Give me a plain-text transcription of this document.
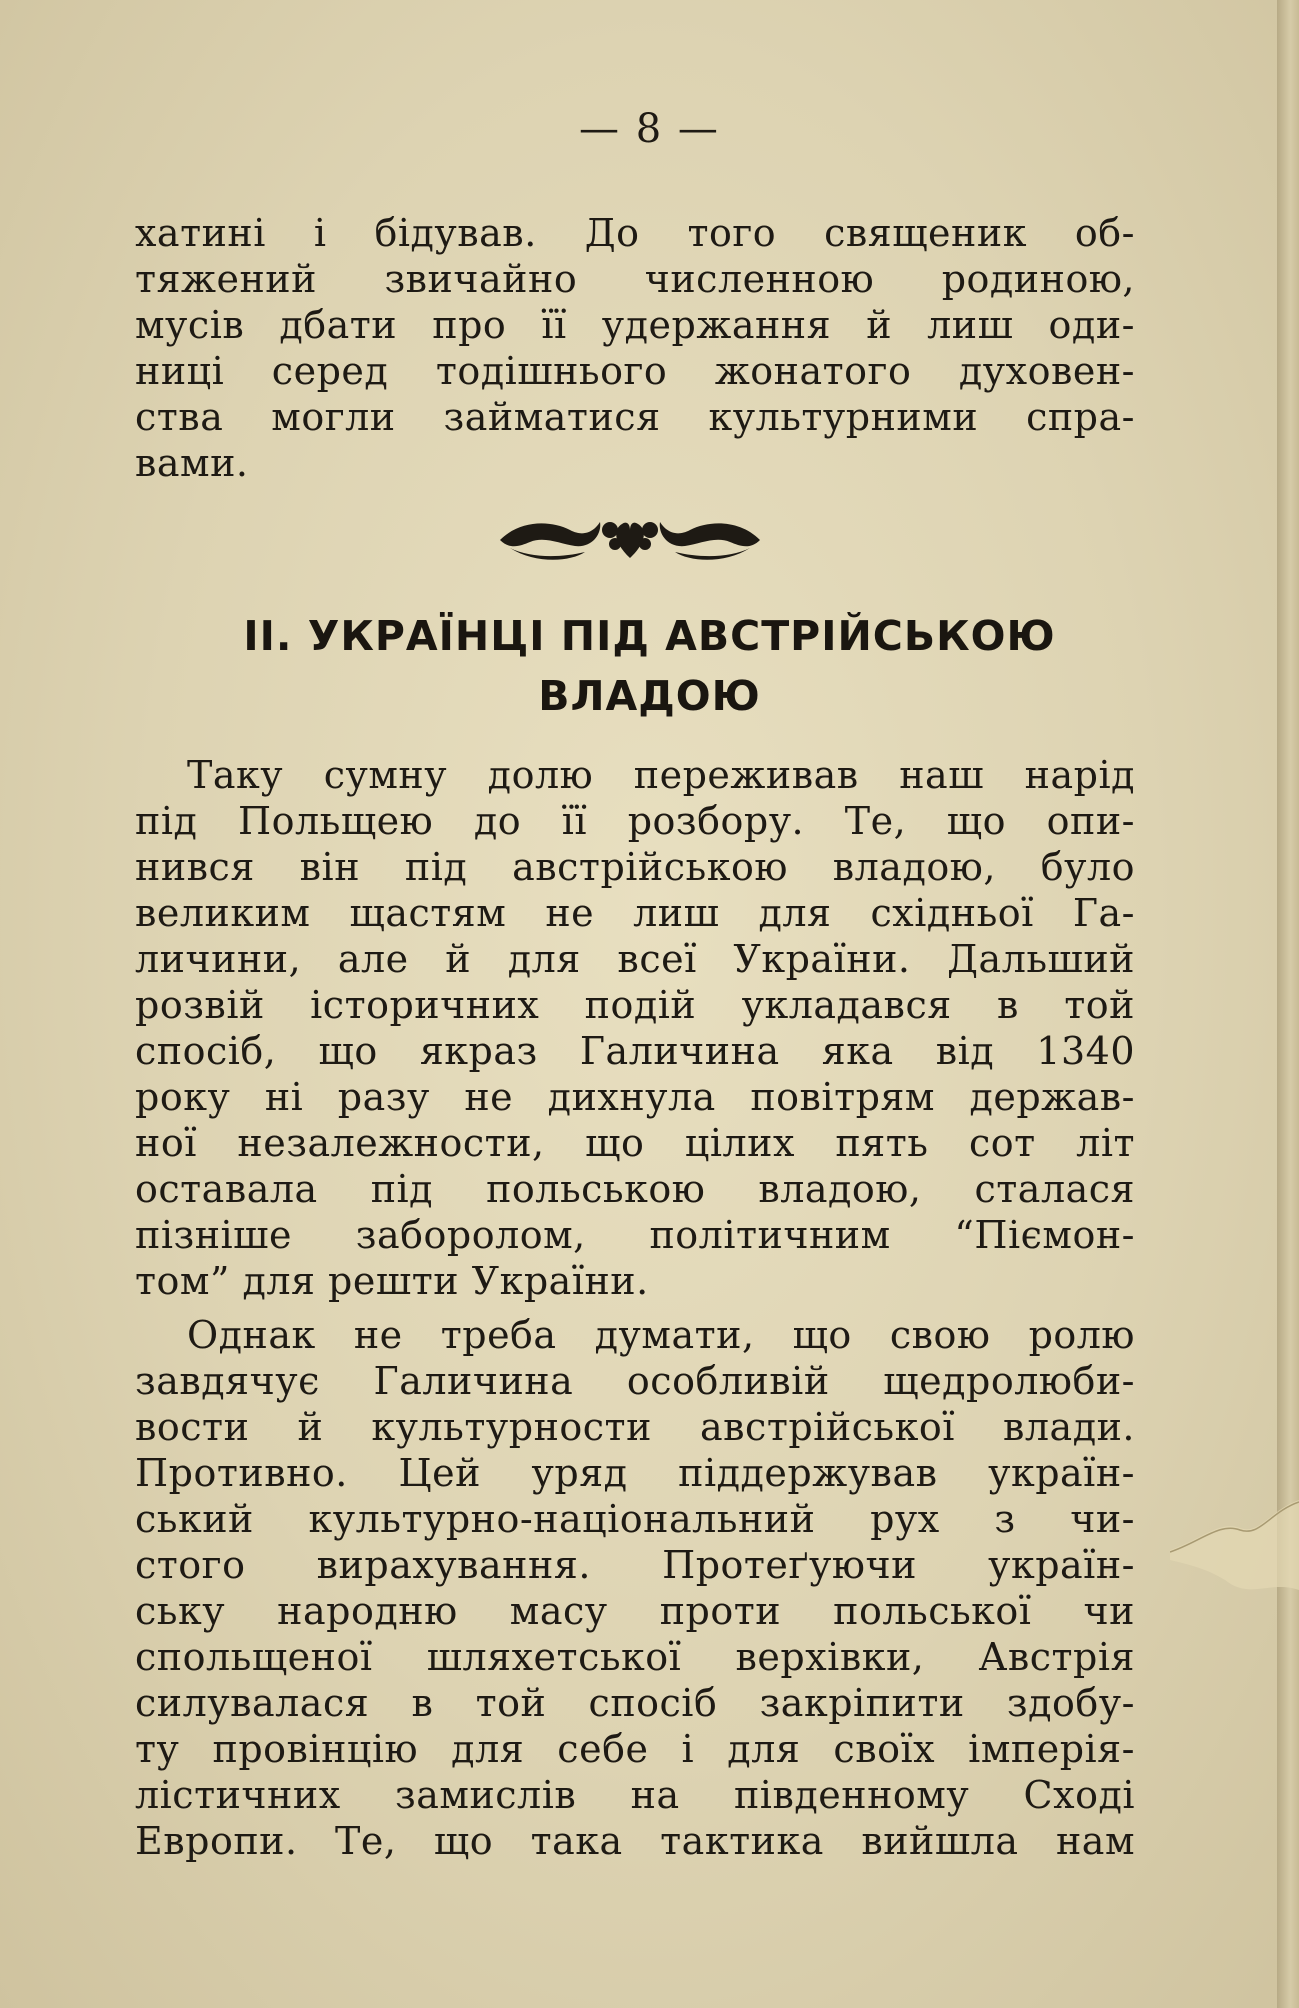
— 8 —
хатині і бідував. До того священик об-
тяжений звичайно численною родиною,
мусів дбати про її удержання й лиш оди-
ниці серед тодішнього жонатого духовен-
ства могли займатися культурними спра-
вами.
II. УКРАЇНЦІ ПІД АВСТРІЙСЬКОЮ
ВЛАДОЮ
Таку сумну долю переживав наш нарід
під Польщею до її розбору. Те, що опи-
нився він під австрійською владою, було
великим щастям не лиш для східньої Га-
личини, але й для всеї України. Дальший
розвій історичних подій укладався в той
спосіб, що якраз Галичина яка від 1340
року ні разу не дихнула повітрям держав-
ної незалежности, що цілих пять сот літ
оставала під польською владою, сталася
пізніше заборолом, політичним “Піємон-
том” для решти України.
Однак не треба думати, що свою ролю
завдячує Галичина особливій щедролюби-
вости й культурности австрійської влади.
Противно. Цей уряд піддержував україн-
ський культурно-національний рух з чи-
стого вирахування. Протеґуючи україн-
ську народню масу проти польської чи
спольщеної шляхетської верхівки, Австрія
силувалася в той спосіб закріпити здобу-
ту провінцію для себе і для своїх імперія-
лістичних замислів на південному Сході
Европи. Те, що така тактика вийшла нам
